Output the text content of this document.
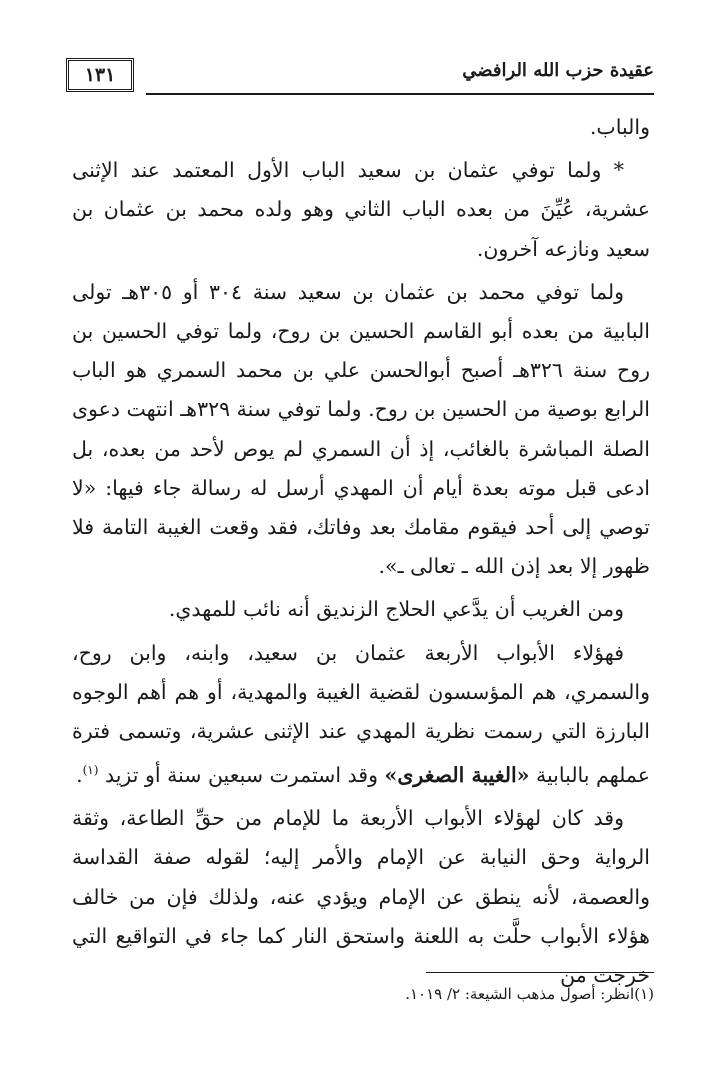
١٣١	عقيدة حزب الله الرافضي

والباب.

* ولما توفي عثمان بن سعيد الباب الأول المعتمد عند الإثنى عشرية، عُيِّنَ من بعده الباب الثاني وهو ولده محمد بن عثمان بن سعيد ونازعه آخرون.

ولما توفي محمد بن عثمان بن سعيد سنة ٣٠٤ أو ٣٠٥هـ تولى البابية من بعده أبو القاسم الحسين بن روح، ولما توفي الحسين بن روح سنة ٣٢٦هـ أصبح أبوالحسن علي بن محمد السمري هو الباب الرابع بوصية من الحسين بن روح. ولما توفي سنة ٣٢٩هـ انتهت دعوى الصلة المباشرة بالغائب، إذ أن السمري لم يوص لأحد من بعده، بل ادعى قبل موته بعدة أيام أن المهدي أرسل له رسالة جاء فيها: «لا توصي إلى أحد فيقوم مقامك بعد وفاتك، فقد وقعت الغيبة التامة فلا ظهور إلا بعد إذن الله ـ تعالى ـ».

ومن الغريب أن يدَّعي الحلاج الزنديق أنه نائب للمهدي.

فهؤلاء الأبواب الأربعة عثمان بن سعيد، وابنه، وابن روح، والسمري، هم المؤسسون لقضية الغيبة والمهدية، أو هم أهم الوجوه البارزة التي رسمت نظرية المهدي عند الإثنى عشرية، وتسمى فترة عملهم بالبابية «الغيبة الصغرى» وقد استمرت سبعين سنة أو تزيد $^{(١)}$.

وقد كان لهؤلاء الأبواب الأربعة ما للإمام من حقِّ الطاعة، وثقة الرواية وحق النيابة عن الإمام والأمر إليه؛ لقوله صفة القداسة والعصمة، لأنه ينطق عن الإمام ويؤدي عنه، ولذلك فإن من خالف هؤلاء الأبواب حلَّت به اللعنة واستحق النار كما جاء في التواقيع التي خرجت من

(١)انظر: أصول مذهب الشيعة: ٢/ ١٠١٩.
